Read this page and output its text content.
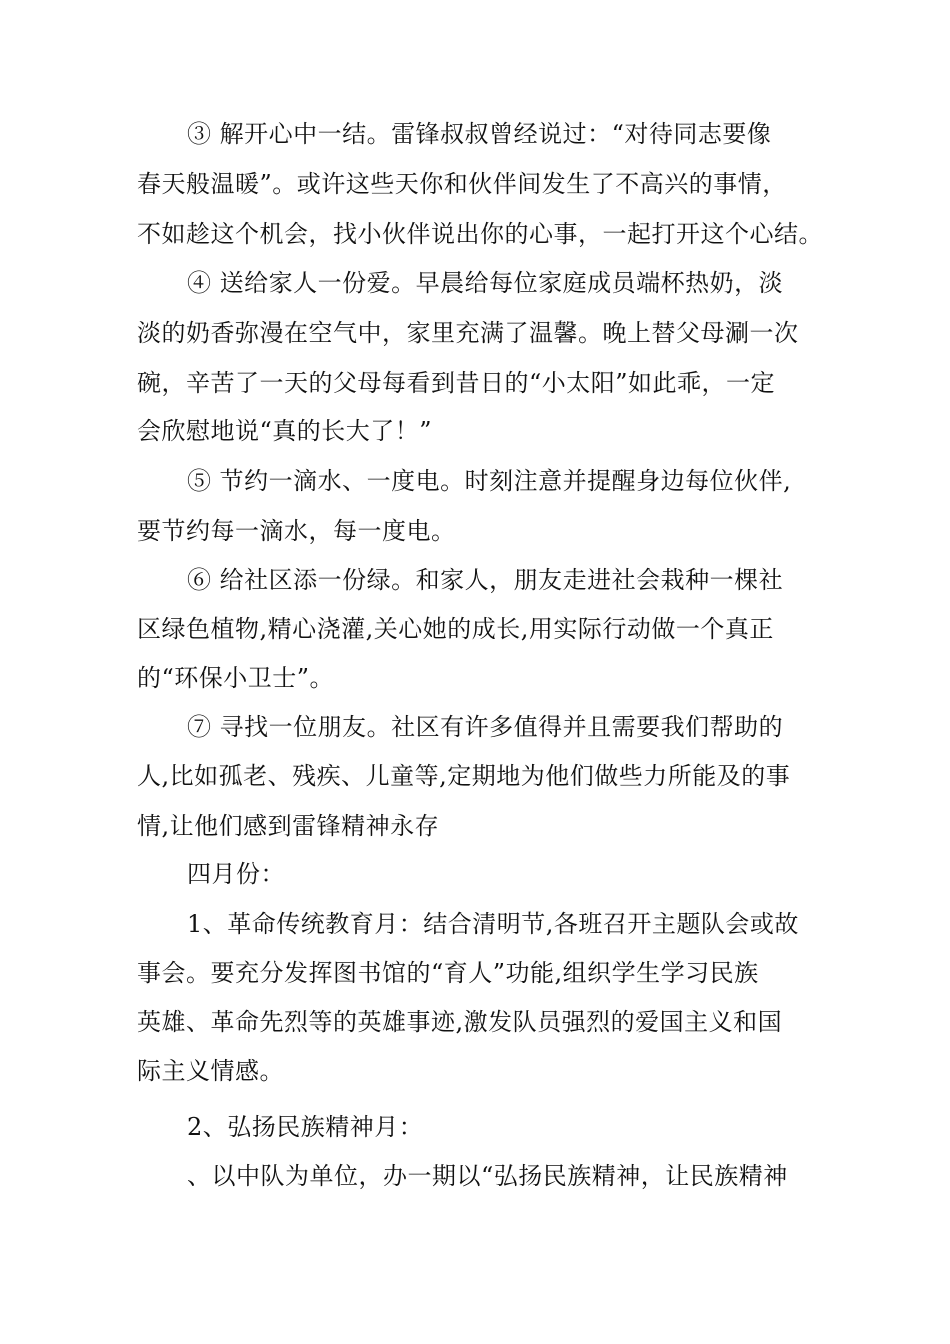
③ 解开心中一结。雷锋叔叔曾经说过：“对待同志要像
春天般温暖”。或许这些天你和伙伴间发生了不高兴的事情，
不如趁这个机会，找小伙伴说出你的心事，一起打开这个心结。
④ 送给家人一份爱。早晨给每位家庭成员端杯热奶，淡
淡的奶香弥漫在空气中，家里充满了温馨。晚上替父母涮一次
碗，辛苦了一天的父母每看到昔日的“小太阳”如此乖，一定
会欣慰地说“真的长大了！”
⑤ 节约一滴水、一度电。时刻注意并提醒身边每位伙伴,
要节约每一滴水，每一度电。
⑥ 给社区添一份绿。和家人，朋友走进社会栽种一棵社
区绿色植物,精心浇灌,关心她的成长,用实际行动做一个真正
的“环保小卫士”。
⑦ 寻找一位朋友。社区有许多值得并且需要我们帮助的
人,比如孤老、残疾、儿童等,定期地为他们做些力所能及的事
情,让他们感到雷锋精神永存
四月份：
1、革命传统教育月：结合清明节,各班召开主题队会或故
事会。要充分发挥图书馆的“育人”功能,组织学生学习民族
英雄、革命先烈等的英雄事迹,激发队员强烈的爱国主义和国
际主义情感。
2、弘扬民族精神月：
、以中队为单位，办一期以“弘扬民族精神，让民族精神
